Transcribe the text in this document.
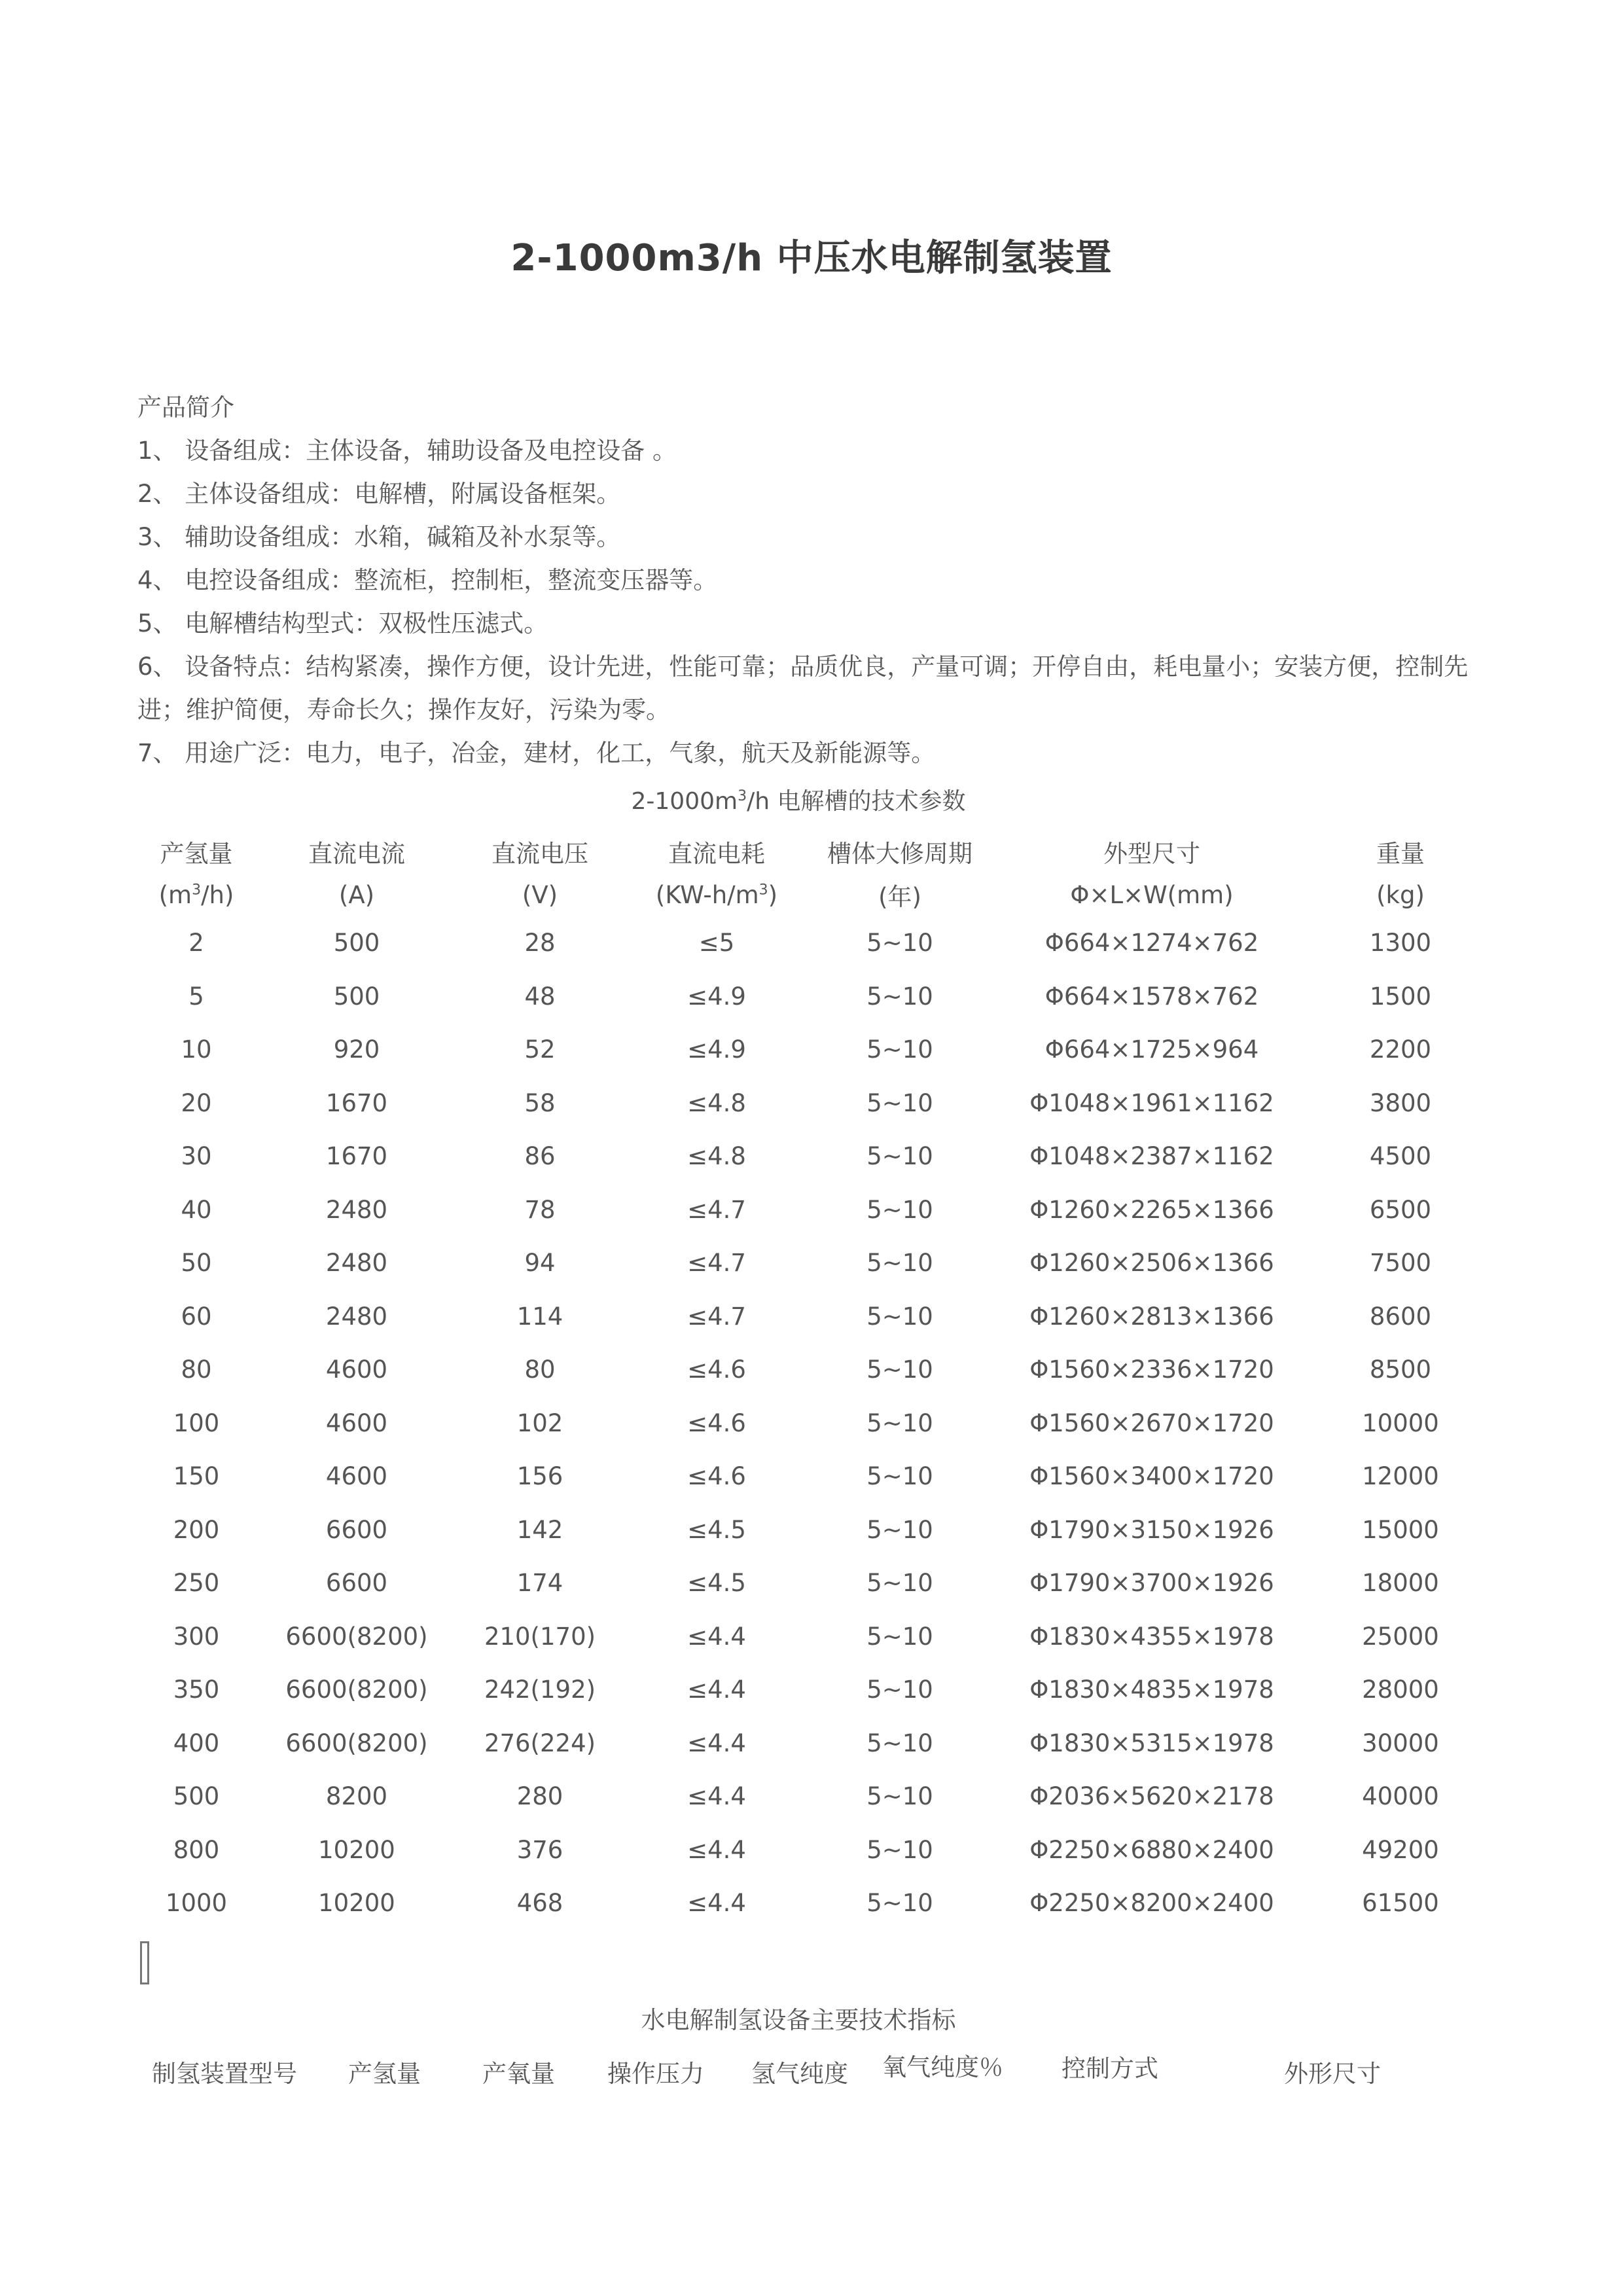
2-1000m3/h 中压水电解制氢装置

产品简介

1、 设备组成：主体设备，辅助设备及电控设备 。

2、 主体设备组成：电解槽，附属设备框架。

3、 辅助设备组成：水箱，碱箱及补水泵等。

4、 电控设备组成：整流柜，控制柜，整流变压器等。

5、 电解槽结构型式：双极性压滤式。

6、 设备特点：结构紧凑，操作方便，设计先进，性能可靠；品质优良，产量可调；开停自由，耗电量小；安装方便，控制先进；维护简便，寿命长久；操作友好，污染为零。

7、 用途广泛：电力，电子，冶金，建材，化工，气象，航天及新能源等。

$2-1000m^3/h$ 电解槽的技术参数
产氢量	直流电流	直流电压	直流电耗	槽体大修周期	外型尺寸	重量
$(m^3/h)$	(A)	(V)	$(KW-h/m^3)$	(年)	Φ×L×W(mm)	(kg)
2	500	28	≤5	5~10	Φ664×1274×762	1300
5	500	48	≤4.9	5~10	Φ664×1578×762	1500
10	920	52	≤4.9	5~10	Φ664×1725×964	2200
20	1670	58	≤4.8	5~10	Φ1048×1961×1162	3800
30	1670	86	≤4.8	5~10	Φ1048×2387×1162	4500
40	2480	78	≤4.7	5~10	Φ1260×2265×1366	6500
50	2480	94	≤4.7	5~10	Φ1260×2506×1366	7500
60	2480	114	≤4.7	5~10	Φ1260×2813×1366	8600
80	4600	80	≤4.6	5~10	Φ1560×2336×1720	8500
100	4600	102	≤4.6	5~10	Φ1560×2670×1720	10000
150	4600	156	≤4.6	5~10	Φ1560×3400×1720	12000
200	6600	142	≤4.5	5~10	Φ1790×3150×1926	15000
250	6600	174	≤4.5	5~10	Φ1790×3700×1926	18000
300	6600(8200)	210(170)	≤4.4	5~10	Φ1830×4355×1978	25000
350	6600(8200)	242(192)	≤4.4	5~10	Φ1830×4835×1978	28000
400	6600(8200)	276(224)	≤4.4	5~10	Φ1830×5315×1978	30000
500	8200	280	≤4.4	5~10	Φ2036×5620×2178	40000
800	10200	376	≤4.4	5~10	Φ2250×6880×2400	49200
1000	10200	468	≤4.4	5~10	Φ2250×8200×2400	61500
水电解制氢设备主要技术指标
制氢装置型号 产氢量	产氧量 操作压力 氢气纯度 氧气纯度％ 控制方式	外形尺寸
